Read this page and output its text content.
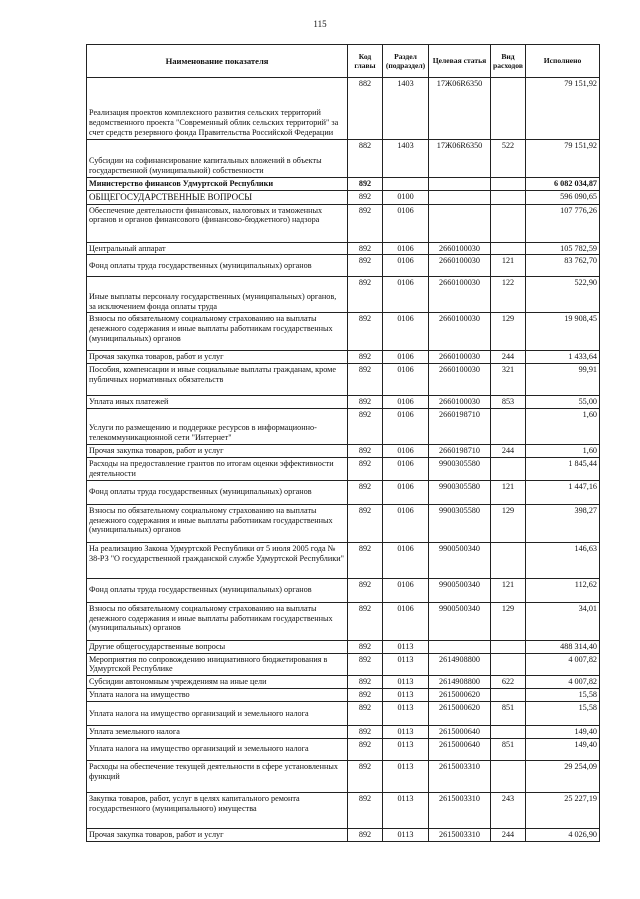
115
Наименование показателя	Код главы	Раздел (подраздел)	Целевая статья	Вид расходов	Исполнено
Реализация проектов комплексного развития сельских территорий ведомственного проекта "Современный облик сельских территорий" за счет средств резервного фонда Правительства Российской Федерации	882	1403	17Ж06R6350		79 151,92
Субсидии на софинансирование капитальных вложений в объекты государственной (муниципальной) собственности	882	1403	17Ж06R6350	522	79 151,92
Министерство финансов Удмуртской Республики	892				6 082 034,87
ОБЩЕГОСУДАРСТВЕННЫЕ ВОПРОСЫ	892	0100			596 090,65
Обеспечение деятельности финансовых, налоговых и таможенных органов и органов финансового (финансово-бюджетного) надзора	892	0106			107 776,26
Центральный аппарат	892	0106	2660100030		105 782,59
Фонд оплаты труда государственных (муниципальных) органов	892	0106	2660100030	121	83 762,70
Иные выплаты персоналу государственных (муниципальных) органов, за исключением фонда оплаты труда	892	0106	2660100030	122	522,90
Взносы по обязательному социальному страхованию на выплаты денежного содержания и иные выплаты работникам государственных (муниципальных) органов	892	0106	2660100030	129	19 908,45
Прочая закупка товаров, работ и услуг	892	0106	2660100030	244	1 433,64
Пособия, компенсации и иные социальные выплаты гражданам, кроме публичных нормативных обязательств	892	0106	2660100030	321	99,91
Уплата иных платежей	892	0106	2660100030	853	55,00
Услуги по размещению и поддержке ресурсов в информационно-телекоммуникационной сети "Интернет"	892	0106	2660198710		1,60
Прочая закупка товаров, работ и услуг	892	0106	2660198710	244	1,60
Расходы на предоставление грантов по итогам оценки эффективности деятельности	892	0106	9900305580		1 845,44
Фонд оплаты труда государственных (муниципальных) органов	892	0106	9900305580	121	1 447,16
Взносы по обязательному социальному страхованию на выплаты денежного содержания и иные выплаты работникам государственных (муниципальных) органов	892	0106	9900305580	129	398,27
На реализацию Закона Удмуртской Республики от 5 июля 2005 года № 38-РЗ "О государственной гражданской службе Удмуртской Республики"	892	0106	9900500340		146,63
Фонд оплаты труда государственных (муниципальных) органов	892	0106	9900500340	121	112,62
Взносы по обязательному социальному страхованию на выплаты денежного содержания и иные выплаты работникам государственных (муниципальных) органов	892	0106	9900500340	129	34,01
Другие общегосударственные вопросы	892	0113			488 314,40
Мероприятия по сопровождению инициативного бюджетирования в Удмуртской Республике	892	0113	2614908800		4 007,82
Субсидии автономным учреждениям на иные цели	892	0113	2614908800	622	4 007,82
Уплата налога на имущество	892	0113	2615000620		15,58
Уплата налога на имущество организаций и земельного налога	892	0113	2615000620	851	15,58
Уплата земельного налога	892	0113	2615000640		149,40
Уплата налога на имущество организаций и земельного налога	892	0113	2615000640	851	149,40
Расходы на обеспечение текущей деятельности в сфере установленных функций	892	0113	2615003310		29 254,09
Закупка товаров, работ, услуг в целях капитального ремонта государственного (муниципального) имущества	892	0113	2615003310	243	25 227,19
Прочая закупка товаров, работ и услуг	892	0113	2615003310	244	4 026,90
